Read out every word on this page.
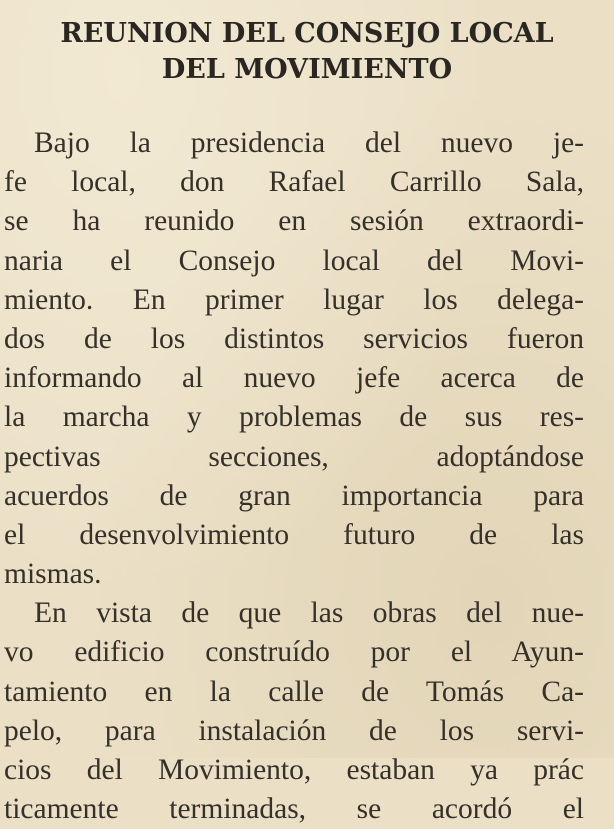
REUNION DEL CONSEJO LOCAL
DEL MOVIMIENTO
Bajo la presidencia del nuevo je-
fe local, don Rafael Carrillo Sala,
se ha reunido en sesión extraordi-
naria el Consejo local del Movi-
miento. En primer lugar los delega-
dos de los distintos servicios fueron
informando al nuevo jefe acerca de
la marcha y problemas de sus res-
pectivas secciones, adoptándose
acuerdos de gran importancia para
el desenvolvimiento futuro de las
mismas.
En vista de que las obras del nue-
vo edificio construído por el Ayun-
tamiento en la calle de Tomás Ca-
pelo, para instalación de los servi-
cios del Movimiento, estaban ya prác
ticamente terminadas, se acordó el
